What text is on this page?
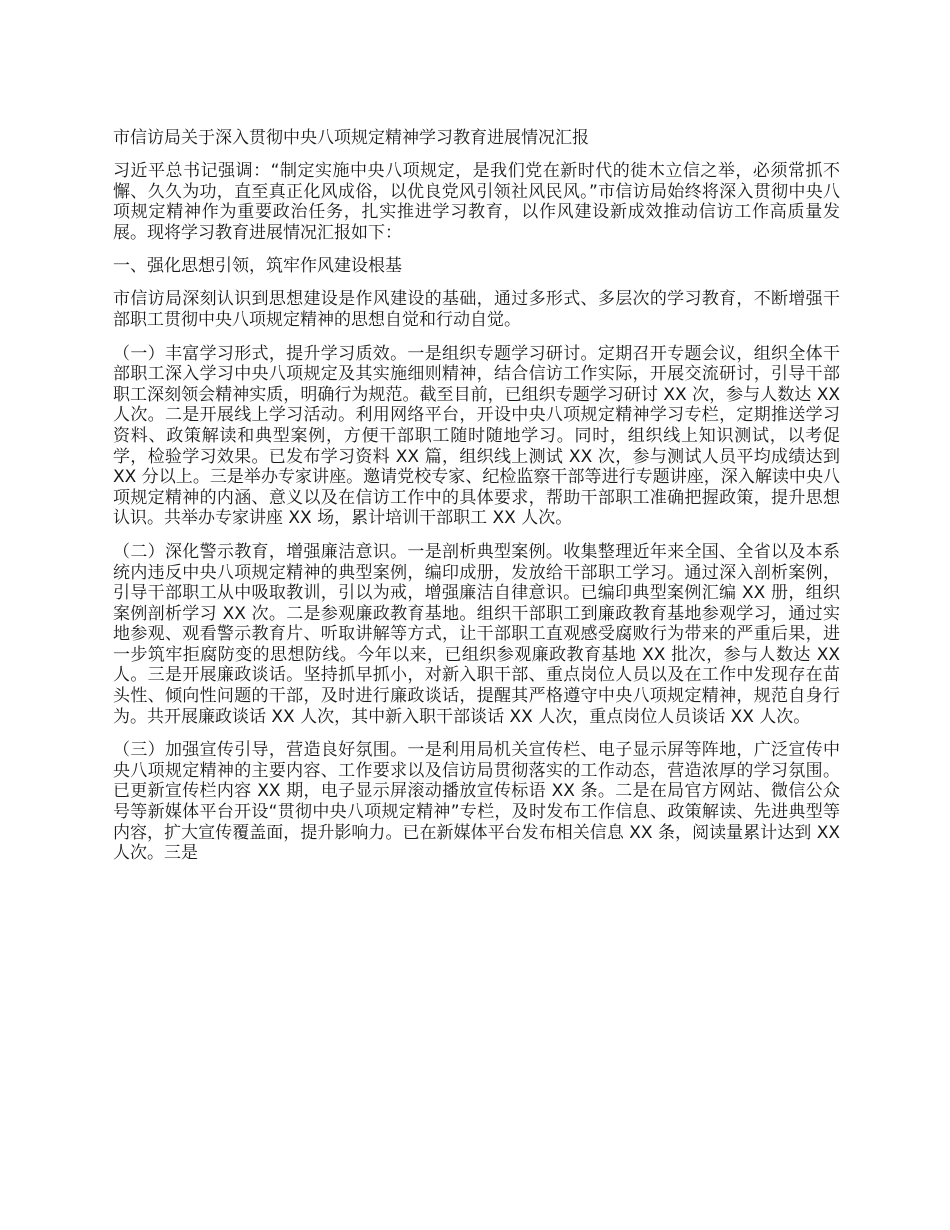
市信访局关于深入贯彻中央八项规定精神学习教育进展情况汇报
习近平总书记强调：“制定实施中央八项规定，是我们党在新时代的徙木立信之举，必须常抓不懈、久久为功，直至真正化风成俗，以优良党风引领社风民风。”市信访局始终将深入贯彻中央八项规定精神作为重要政治任务，扎实推进学习教育，以作风建设新成效推动信访工作高质量发展。现将学习教育进展情况汇报如下：
一、强化思想引领，筑牢作风建设根基
市信访局深刻认识到思想建设是作风建设的基础，通过多形式、多层次的学习教育，不断增强干部职工贯彻中央八项规定精神的思想自觉和行动自觉。
（一）丰富学习形式，提升学习质效。一是组织专题学习研讨。定期召开专题会议，组织全体干部职工深入学习中央八项规定及其实施细则精神，结合信访工作实际，开展交流研讨，引导干部职工深刻领会精神实质，明确行为规范。截至目前，已组织专题学习研讨 XX 次，参与人数达 XX 人次。二是开展线上学习活动。利用网络平台，开设中央八项规定精神学习专栏，定期推送学习资料、政策解读和典型案例，方便干部职工随时随地学习。同时，组织线上知识测试，以考促学，检验学习效果。已发布学习资料 XX 篇，组织线上测试 XX 次，参与测试人员平均成绩达到 XX 分以上。三是举办专家讲座。邀请党校专家、纪检监察干部等进行专题讲座，深入解读中央八项规定精神的内涵、意义以及在信访工作中的具体要求，帮助干部职工准确把握政策，提升思想认识。共举办专家讲座 XX 场，累计培训干部职工 XX 人次。
（二）深化警示教育，增强廉洁意识。一是剖析典型案例。收集整理近年来全国、全省以及本系统内违反中央八项规定精神的典型案例，编印成册，发放给干部职工学习。通过深入剖析案例，引导干部职工从中吸取教训，引以为戒，增强廉洁自律意识。已编印典型案例汇编 XX 册，组织案例剖析学习 XX 次。二是参观廉政教育基地。组织干部职工到廉政教育基地参观学习，通过实地参观、观看警示教育片、听取讲解等方式，让干部职工直观感受腐败行为带来的严重后果，进一步筑牢拒腐防变的思想防线。今年以来，已组织参观廉政教育基地 XX 批次，参与人数达 XX 人。三是开展廉政谈话。坚持抓早抓小，对新入职干部、重点岗位人员以及在工作中发现存在苗头性、倾向性问题的干部，及时进行廉政谈话，提醒其严格遵守中央八项规定精神，规范自身行为。共开展廉政谈话 XX 人次，其中新入职干部谈话 XX 人次，重点岗位人员谈话 XX 人次。
（三）加强宣传引导，营造良好氛围。一是利用局机关宣传栏、电子显示屏等阵地，广泛宣传中央八项规定精神的主要内容、工作要求以及信访局贯彻落实的工作动态，营造浓厚的学习氛围。已更新宣传栏内容 XX 期，电子显示屏滚动播放宣传标语 XX 条。二是在局官方网站、微信公众号等新媒体平台开设“贯彻中央八项规定精神”专栏，及时发布工作信息、政策解读、先进典型等内容，扩大宣传覆盖面，提升影响力。已在新媒体平台发布相关信息 XX 条，阅读量累计达到 XX 人次。三是
